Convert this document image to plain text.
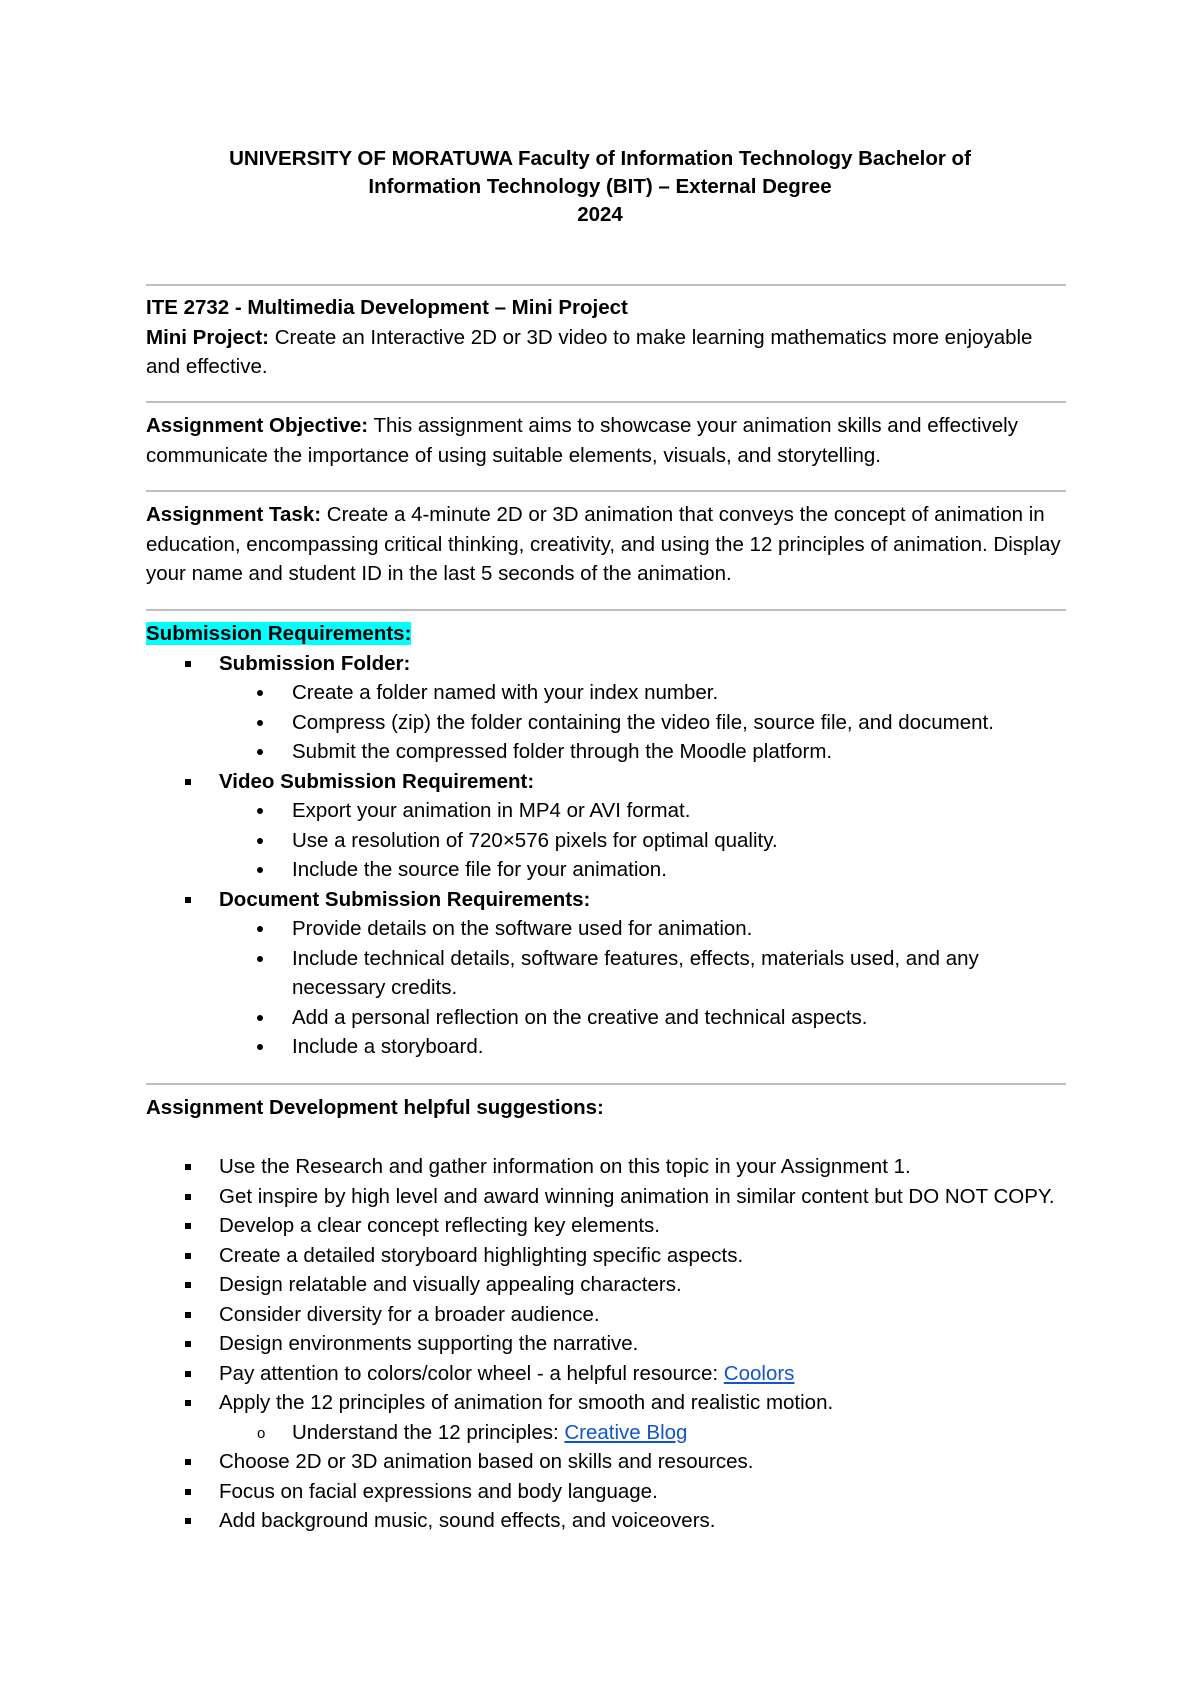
UNIVERSITY OF MORATUWA Faculty of Information Technology Bachelor of

Information Technology (BIT) – External Degree

2024

ITE 2732 - Multimedia Development – Mini Project

Mini Project: Create an Interactive 2D or 3D video to make learning mathematics more enjoyable and effective.

Assignment Objective: This assignment aims to showcase your animation skills and effectively communicate the importance of using suitable elements, visuals, and storytelling.

Assignment Task: Create a 4-minute 2D or 3D animation that conveys the concept of animation in education, encompassing critical thinking, creativity, and using the 12 principles of animation. Display your name and student ID in the last 5 seconds of the animation.

Submission Requirements:

Submission Folder:
Create a folder named with your index number.
Compress (zip) the folder containing the video file, source file, and document.
Submit the compressed folder through the Moodle platform.
Video Submission Requirement:
Export your animation in MP4 or AVI format.
Use a resolution of 720×576 pixels for optimal quality.
Include the source file for your animation.
Document Submission Requirements:
Provide details on the software used for animation.
Include technical details, software features, effects, materials used, and any necessary credits.
Add a personal reflection on the creative and technical aspects.
Include a storyboard.

Assignment Development helpful suggestions:

Use the Research and gather information on this topic in your Assignment 1.
Get inspire by high level and award winning animation in similar content but DO NOT COPY.
Develop a clear concept reflecting key elements.
Create a detailed storyboard highlighting specific aspects.
Design relatable and visually appealing characters.
Consider diversity for a broader audience.
Design environments supporting the narrative.
Pay attention to colors/color wheel - a helpful resource: Coolors
Apply the 12 principles of animation for smooth and realistic motion.
o Understand the 12 principles: Creative Blog
Choose 2D or 3D animation based on skills and resources.
Focus on facial expressions and body language.
Add background music, sound effects, and voiceovers.
